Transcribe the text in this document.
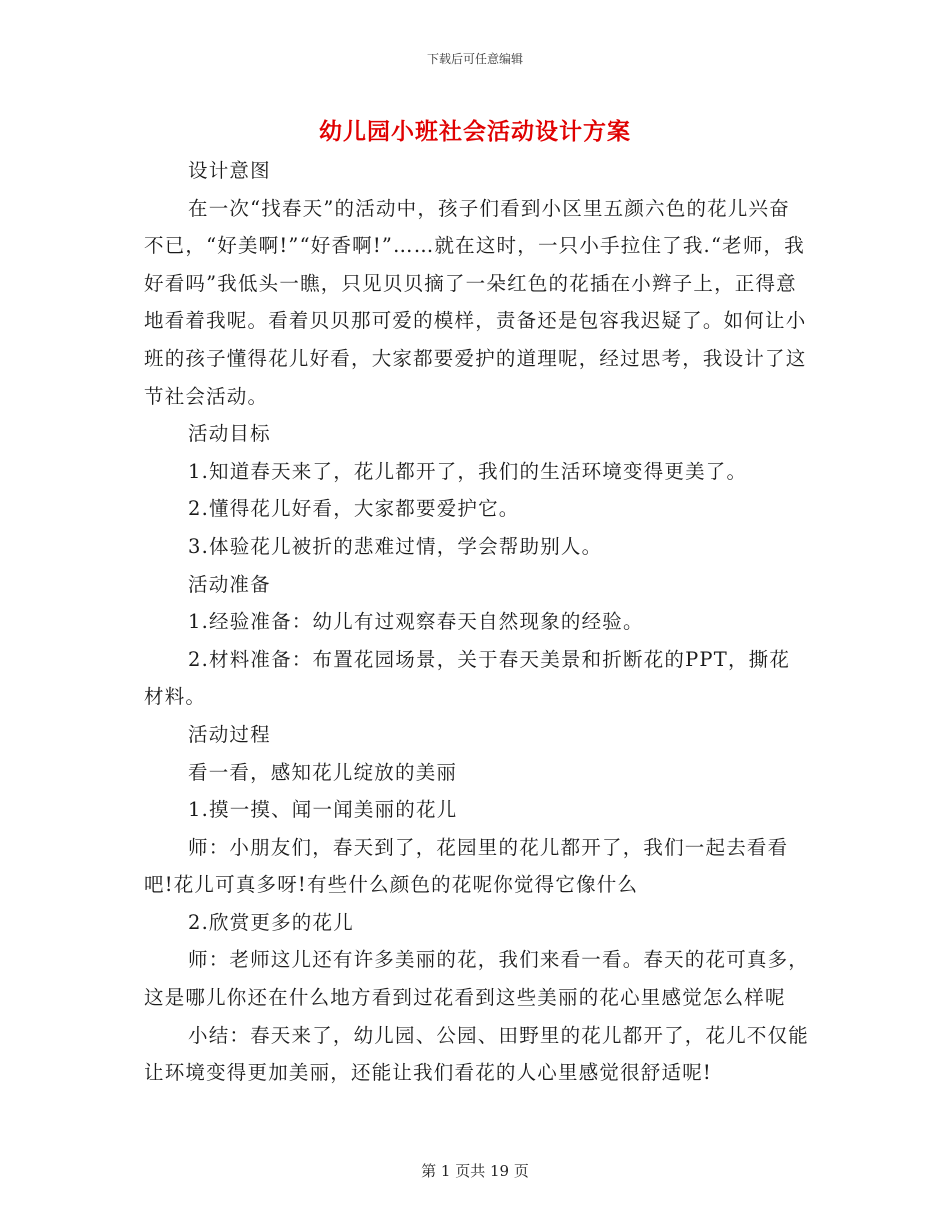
下载后可任意编辑
幼儿园小班社会活动设计方案

设计意图

在一次“找春天”的活动中，孩子们看到小区里五颜六色的花儿兴奋不已，“好美啊!”“好香啊!”……就在这时，一只小手拉住了我.“老师，我好看吗”我低头一瞧，只见贝贝摘了一朵红色的花插在小辫子上，正得意地看着我呢。看着贝贝那可爱的模样，责备还是包容我迟疑了。如何让小班的孩子懂得花儿好看，大家都要爱护的道理呢，经过思考，我设计了这节社会活动。

活动目标

1.知道春天来了，花儿都开了，我们的生活环境变得更美了。

2.懂得花儿好看，大家都要爱护它。

3.体验花儿被折的悲难过情，学会帮助别人。

活动准备

1.经验准备：幼儿有过观察春天自然现象的经验。

2.材料准备：布置花园场景，关于春天美景和折断花的PPT，撕花材料。

活动过程

看一看，感知花儿绽放的美丽

1.摸一摸、闻一闻美丽的花儿

师：小朋友们，春天到了，花园里的花儿都开了，我们一起去看看吧!花儿可真多呀!有些什么颜色的花呢你觉得它像什么

2.欣赏更多的花儿

师：老师这儿还有许多美丽的花，我们来看一看。春天的花可真多，这是哪儿你还在什么地方看到过花看到这些美丽的花心里感觉怎么样呢

小结：春天来了，幼儿园、公园、田野里的花儿都开了，花儿不仅能让环境变得更加美丽，还能让我们看花的人心里感觉很舒适呢!

第 1 页共 19 页
